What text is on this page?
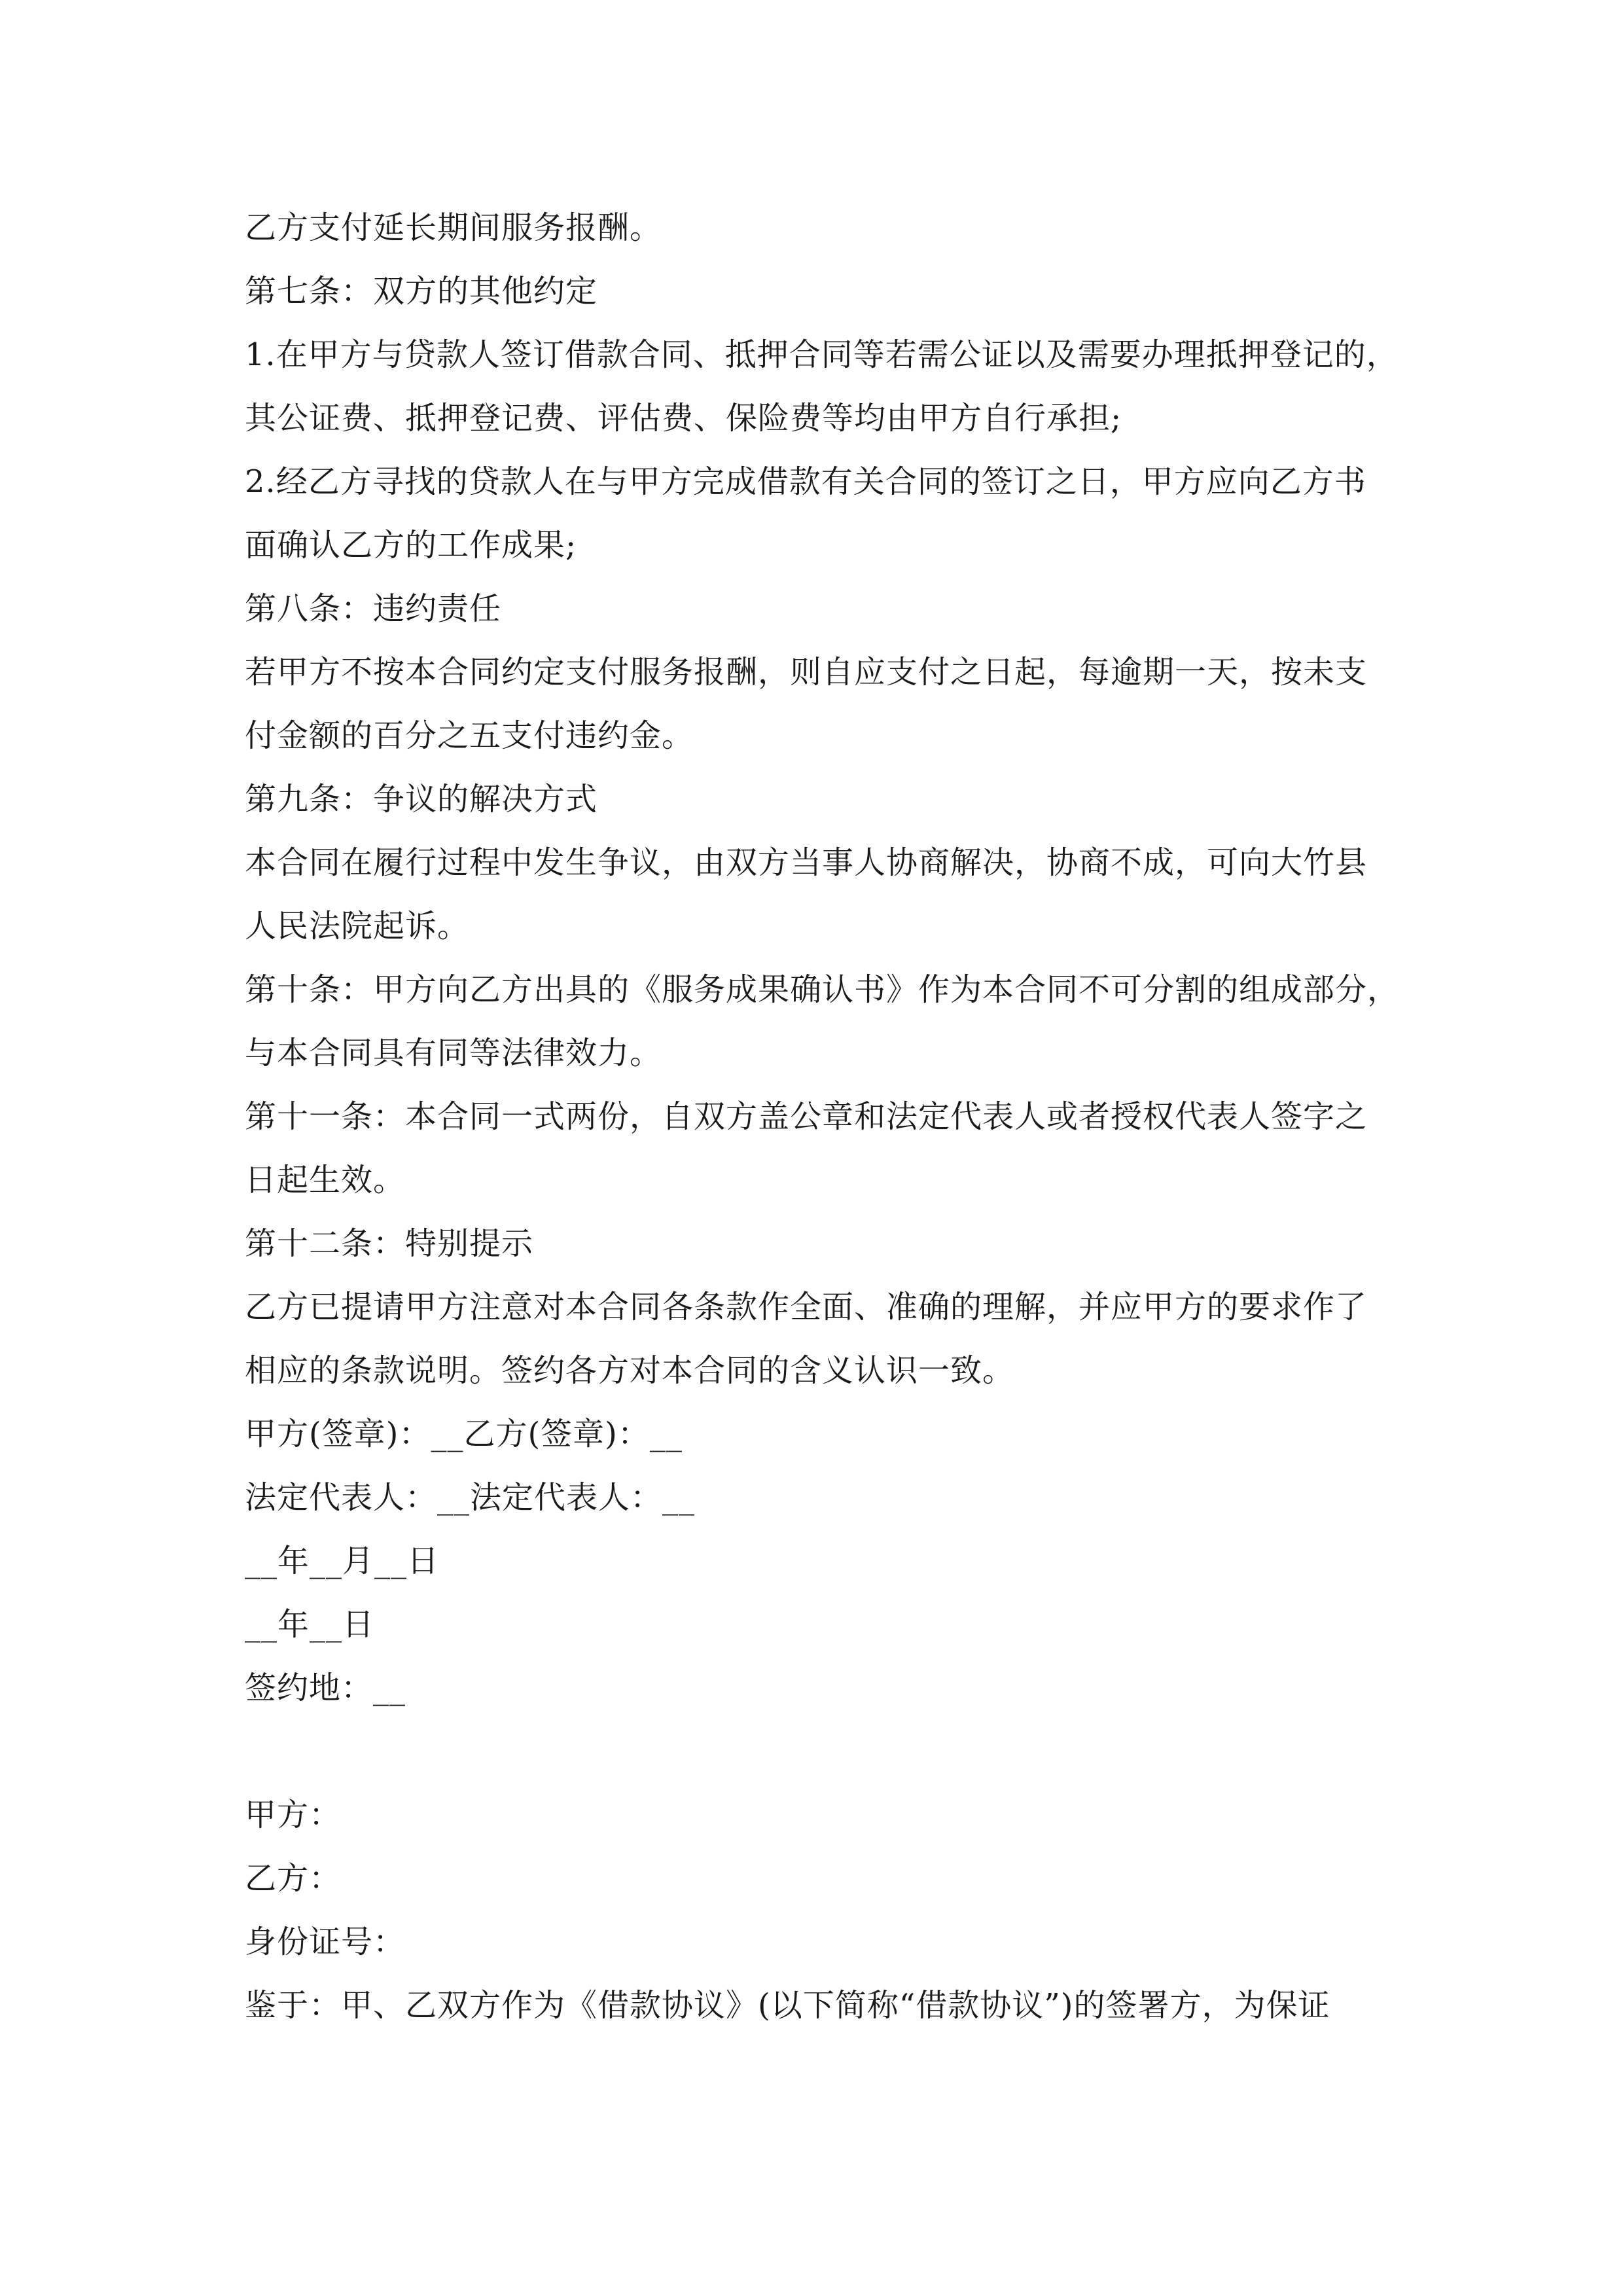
乙方支付延长期间服务报酬。
第七条：双方的其他约定
1.在甲方与贷款人签订借款合同、抵押合同等若需公证以及需要办理抵押登记的，
其公证费、抵押登记费、评估费、保险费等均由甲方自行承担;
2.经乙方寻找的贷款人在与甲方完成借款有关合同的签订之日，甲方应向乙方书
面确认乙方的工作成果;
第八条：违约责任
若甲方不按本合同约定支付服务报酬，则自应支付之日起，每逾期一天，按未支
付金额的百分之五支付违约金。
第九条：争议的解决方式
本合同在履行过程中发生争议，由双方当事人协商解决，协商不成，可向大竹县
人民法院起诉。
第十条：甲方向乙方出具的《服务成果确认书》作为本合同不可分割的组成部分，
与本合同具有同等法律效力。
第十一条：本合同一式两份，自双方盖公章和法定代表人或者授权代表人签字之
日起生效。
第十二条：特别提示
乙方已提请甲方注意对本合同各条款作全面、准确的理解，并应甲方的要求作了
相应的条款说明。签约各方对本合同的含义认识一致。
甲方(签章)：__乙方(签章)：__
法定代表人：__法定代表人：__
__年__月__日
__年__日
签约地：__
甲方：
乙方：
身份证号：
鉴于：甲、乙双方作为《借款协议》(以下简称“借款协议”)的签署方，为保证
